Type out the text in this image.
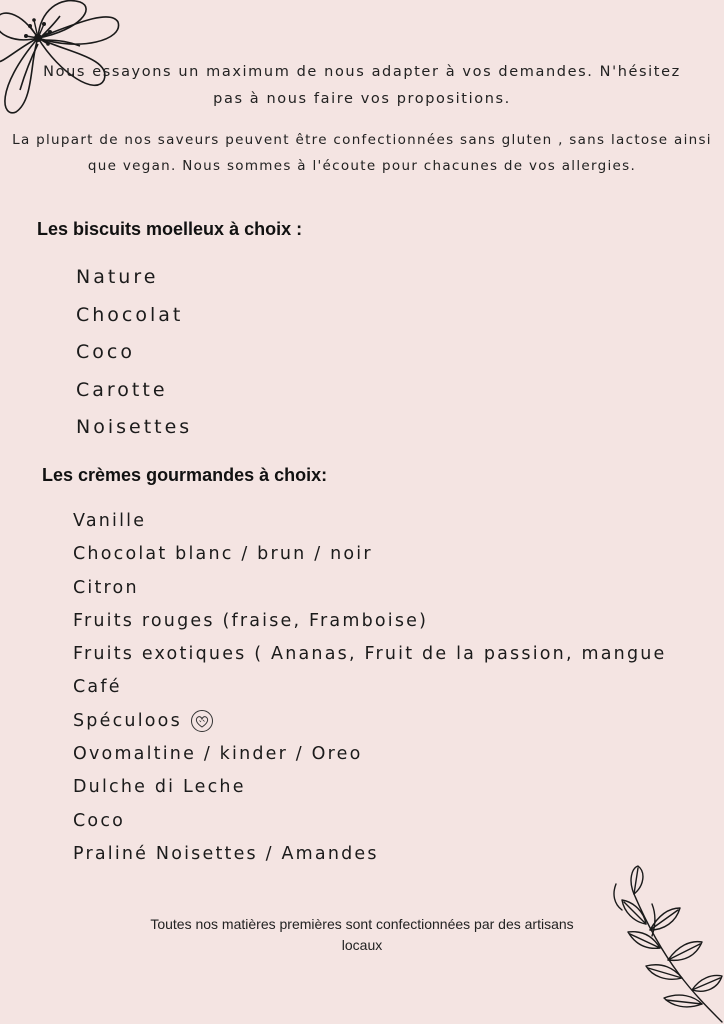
Nous essayons un maximum de nous adapter à vos demandes. N'hésitez pas à nous faire vos propositions.
La plupart de nos saveurs peuvent être confectionnées sans gluten , sans lactose ainsi que vegan. Nous sommes à l'écoute pour chacunes de vos allergies.
Les biscuits moelleux à choix :
Nature
Chocolat
Coco
Carotte
Noisettes
Les crèmes gourmandes à choix:
Vanille
Chocolat blanc / brun / noir
Citron
Fruits rouges (fraise, Framboise)
Fruits exotiques ( Ananas, Fruit de la passion, mangue
Café
Spéculoos
Ovomaltine / kinder / Oreo
Dulche di Leche
Coco
Praliné Noisettes / Amandes
Toutes nos matières premières sont confectionnées par des artisans locaux
